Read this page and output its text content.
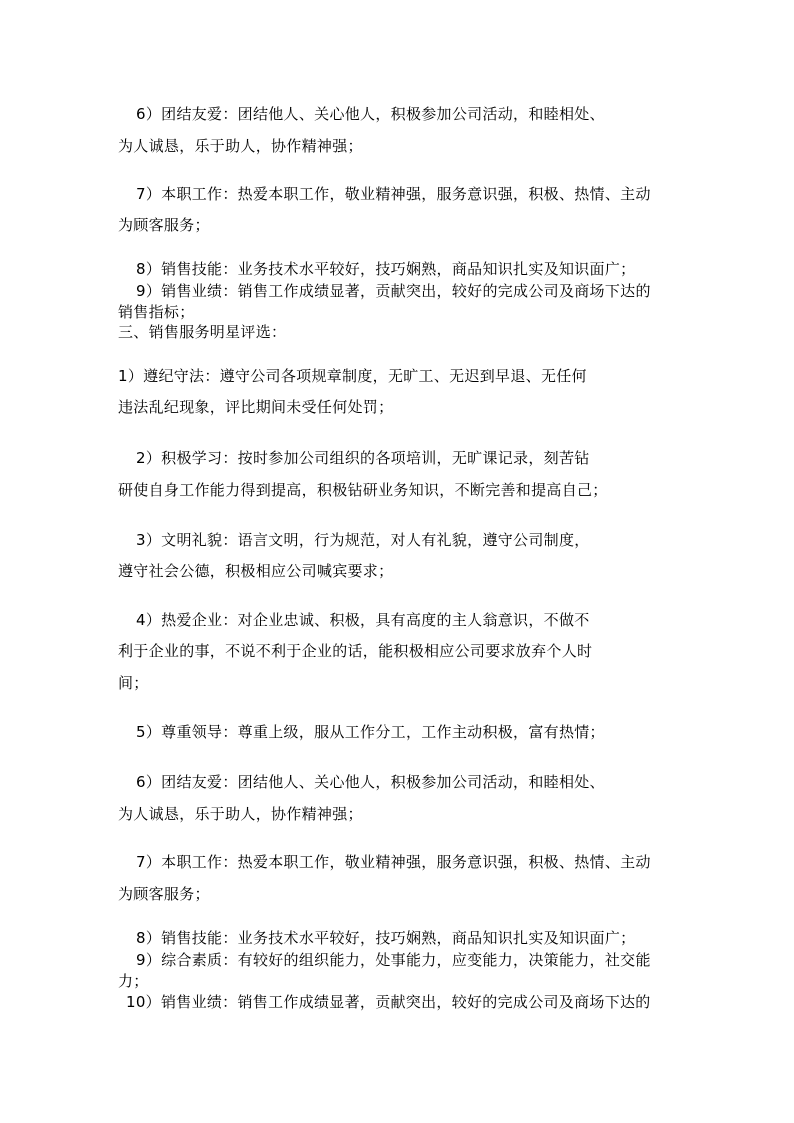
6）团结友爱：团结他人、关心他人，积极参加公司活动，和睦相处、
为人诚恳，乐于助人，协作精神强；
7）本职工作：热爱本职工作，敬业精神强，服务意识强，积极、热情、主动
为顾客服务；
8）销售技能：业务技术水平较好，技巧娴熟，商品知识扎实及知识面广；
9）销售业绩：销售工作成绩显著，贡献突出，较好的完成公司及商场下达的
销售指标；
三、销售服务明星评选：
1）遵纪守法：遵守公司各项规章制度，无旷工、无迟到早退、无任何
违法乱纪现象，评比期间未受任何处罚；
2）积极学习：按时参加公司组织的各项培训，无旷课记录，刻苦钻
研使自身工作能力得到提高，积极钻研业务知识，不断完善和提高自己；
3）文明礼貌：语言文明，行为规范，对人有礼貌，遵守公司制度，
遵守社会公德，积极相应公司喊宾要求；
4）热爱企业：对企业忠诚、积极，具有高度的主人翁意识，不做不
利于企业的事，不说不利于企业的话，能积极相应公司要求放弃个人时
间；
5）尊重领导：尊重上级，服从工作分工，工作主动积极，富有热情；
6）团结友爱：团结他人、关心他人，积极参加公司活动，和睦相处、
为人诚恳，乐于助人，协作精神强；
7）本职工作：热爱本职工作，敬业精神强，服务意识强，积极、热情、主动
为顾客服务；
8）销售技能：业务技术水平较好，技巧娴熟，商品知识扎实及知识面广；
9）综合素质：有较好的组织能力，处事能力，应变能力，决策能力，社交能
力；
10）销售业绩：销售工作成绩显著，贡献突出，较好的完成公司及商场下达的
